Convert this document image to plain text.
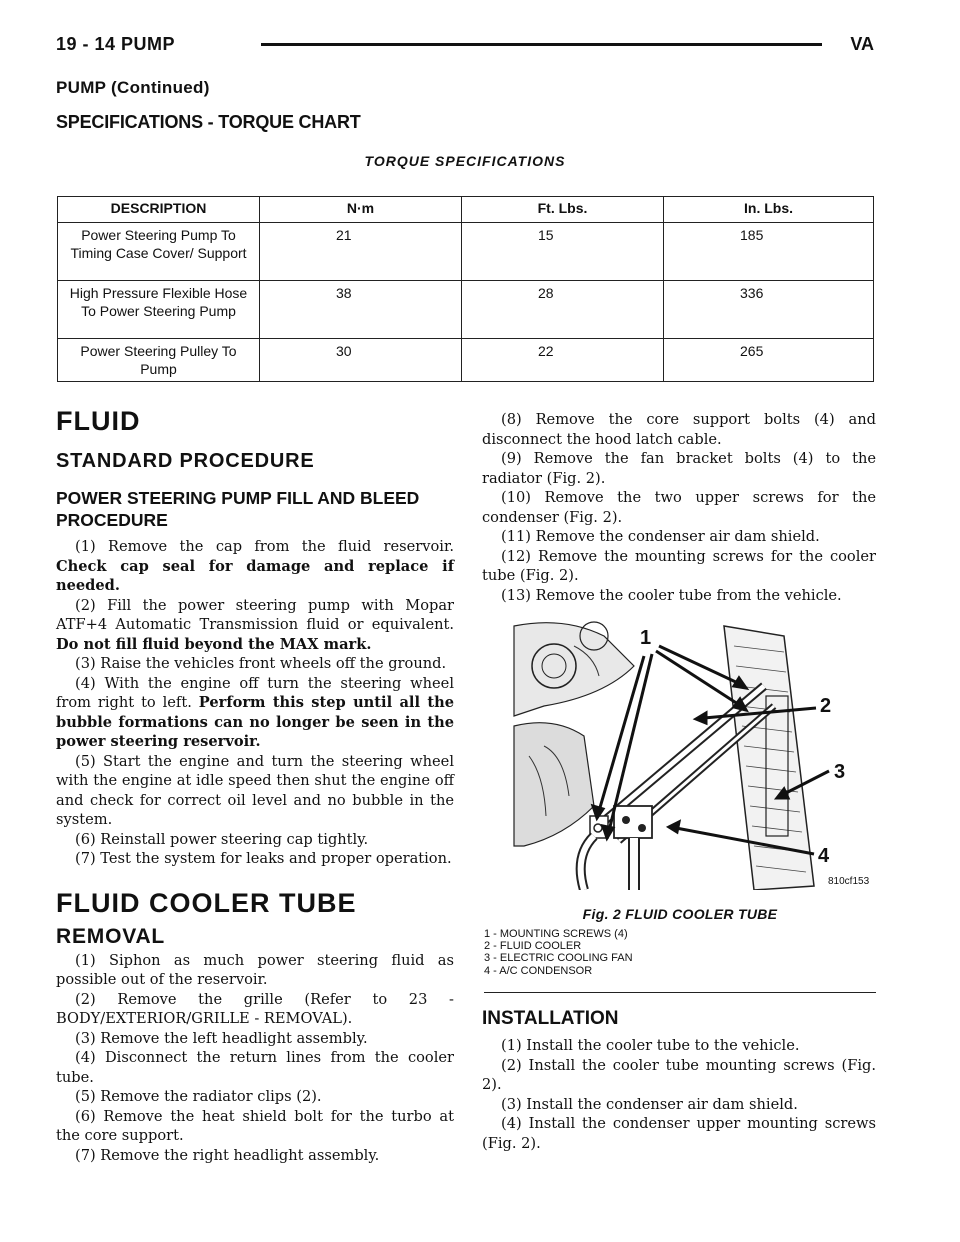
19 - 14 PUMP	VA
PUMP (Continued)
SPECIFICATIONS - TORQUE CHART
TORQUE SPECIFICATIONS
DESCRIPTION	N·m	Ft. Lbs.	In. Lbs.
Power Steering Pump To Timing Case Cover/ Support	21	15	185
High Pressure Flexible Hose To Power Steering Pump	38	28	336
Power Steering Pulley To Pump	30	22	265
FLUID
STANDARD PROCEDURE
POWER STEERING PUMP FILL AND BLEED PROCEDURE

(1) Remove the cap from the fluid reservoir. Check cap seal for damage and replace if needed.

(2) Fill the power steering pump with Mopar ATF+4 Automatic Transmission fluid or equivalent. Do not fill fluid beyond the MAX mark.

(3) Raise the vehicles front wheels off the ground.

(4) With the engine off turn the steering wheel from right to left. Perform this step until all the bubble formations can no longer be seen in the power steering reservoir.

(5) Start the engine and turn the steering wheel with the engine at idle speed then shut the engine off and check for correct oil level and no bubble in the system.

(6) Reinstall power steering cap tightly.

(7) Test the system for leaks and proper operation.

FLUID COOLER TUBE
REMOVAL

(1) Siphon as much power steering fluid as possible out of the reservoir.

(2) Remove the grille (Refer to 23 - BODY/EXTERIOR/GRILLE - REMOVAL).

(3) Remove the left headlight assembly.

(4) Disconnect the return lines from the cooler tube.

(5) Remove the radiator clips (2).

(6) Remove the heat shield bolt for the turbo at the core support.

(7) Remove the right headlight assembly.

(8) Remove the core support bolts (4) and disconnect the hood latch cable.

(9) Remove the fan bracket bolts (4) to the radiator (Fig. 2).

(10) Remove the two upper screws for the condenser (Fig. 2).

(11) Remove the condenser air dam shield.

(12) Remove the mounting screws for the cooler tube (Fig. 2).

(13) Remove the cooler tube from the vehicle.

1
2
3
4
810cf153
Fig. 2 FLUID COOLER TUBE
1 - MOUNTING SCREWS (4)
2 - FLUID COOLER
3 - ELECTRIC COOLING FAN
4 - A/C CONDENSOR
INSTALLATION

(1) Install the cooler tube to the vehicle.

(2) Install the cooler tube mounting screws (Fig. 2).

(3) Install the condenser air dam shield.

(4) Install the condenser upper mounting screws (Fig. 2).
